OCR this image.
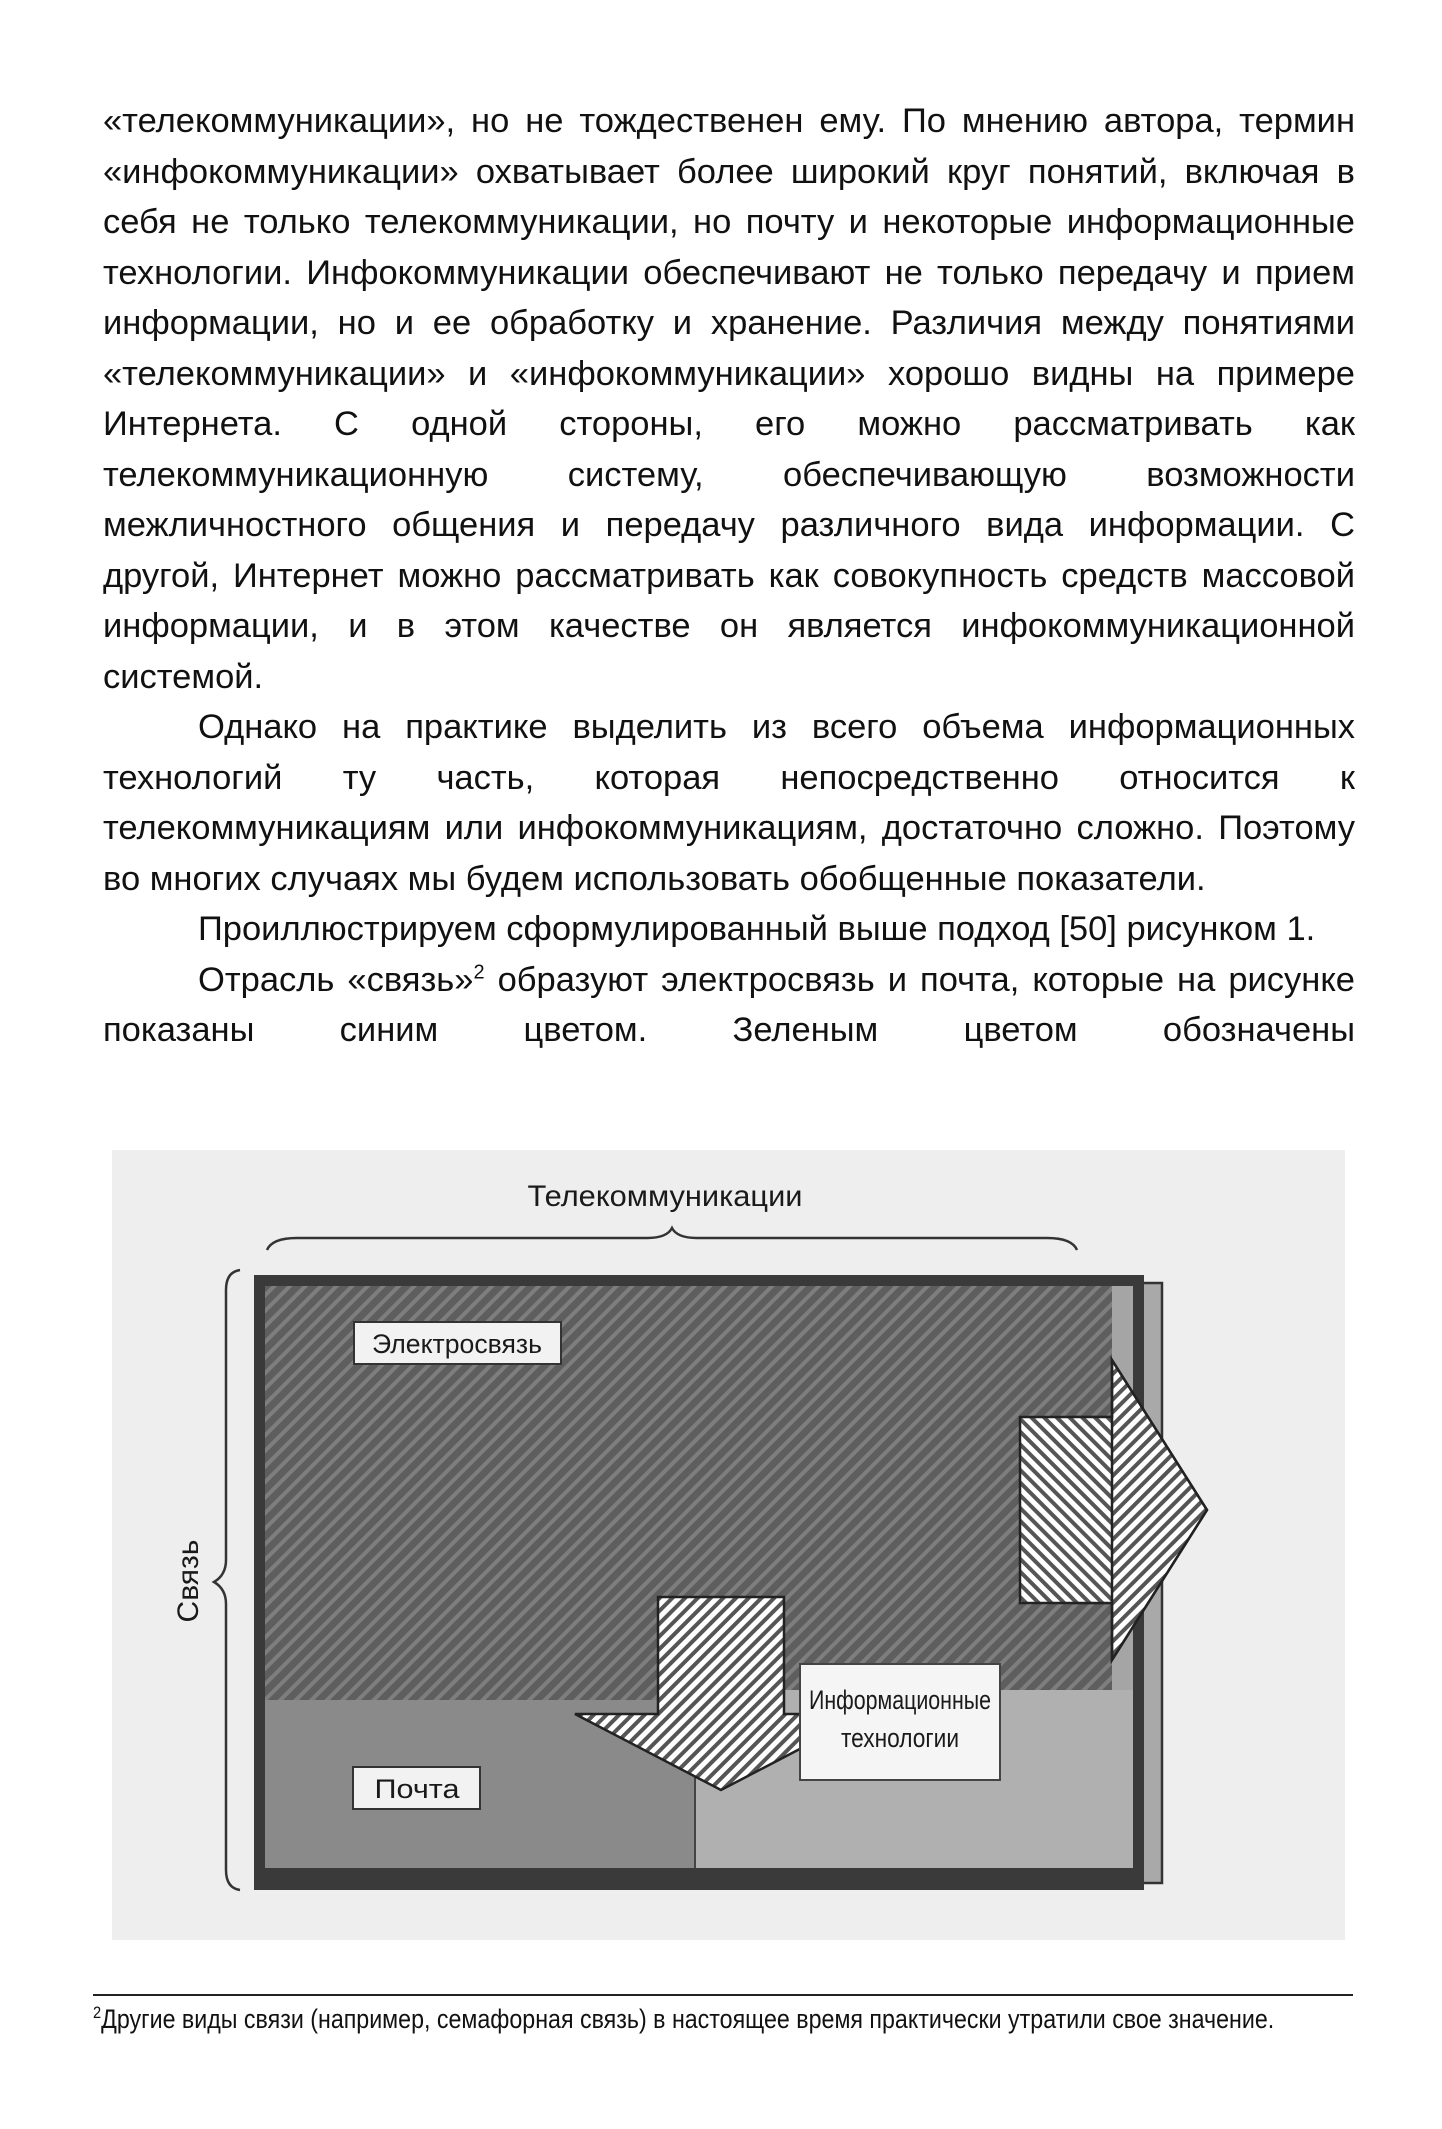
«телекоммуникации», но не тождественен ему. По мнению автора, термин «инфокоммуникации» охватывает более широкий круг понятий, включая в себя не только телекоммуникации, но почту и некоторые информационные технологии. Инфокоммуникации обеспечивают не только передачу и прием информации, но и ее обработку и хранение. Различия между понятиями «телекоммуникации» и «инфокоммуникации» хорошо видны на примере Интернета. С одной стороны, его можно рассматривать как телекоммуникационную систему, обеспечивающую возможности межличностного общения и передачу различного вида информации. С другой, Интернет можно рассматривать как совокупность средств массовой информации, и в этом качестве он является инфокоммуникационной системой.

Однако на практике выделить из всего объема информационных технологий ту часть, которая непосредственно относится к телекоммуникациям или инфокоммуникациям, достаточно сложно. Поэтому во многих случаях мы будем использовать обобщенные показатели.

Проиллюстрируем сформулированный выше подход [50] рисунком 1.

Отрасль «связь»$^2$ образуют электросвязь и почта, которые на рисунке показаны синим цветом. Зеленым цветом обозначены

Телекоммуникации
Связь
Электросвязь
Почта
Информационные
технологии
$^2$Другие виды связи (например, семафорная связь) в настоящее время практически утратили свое значение.
